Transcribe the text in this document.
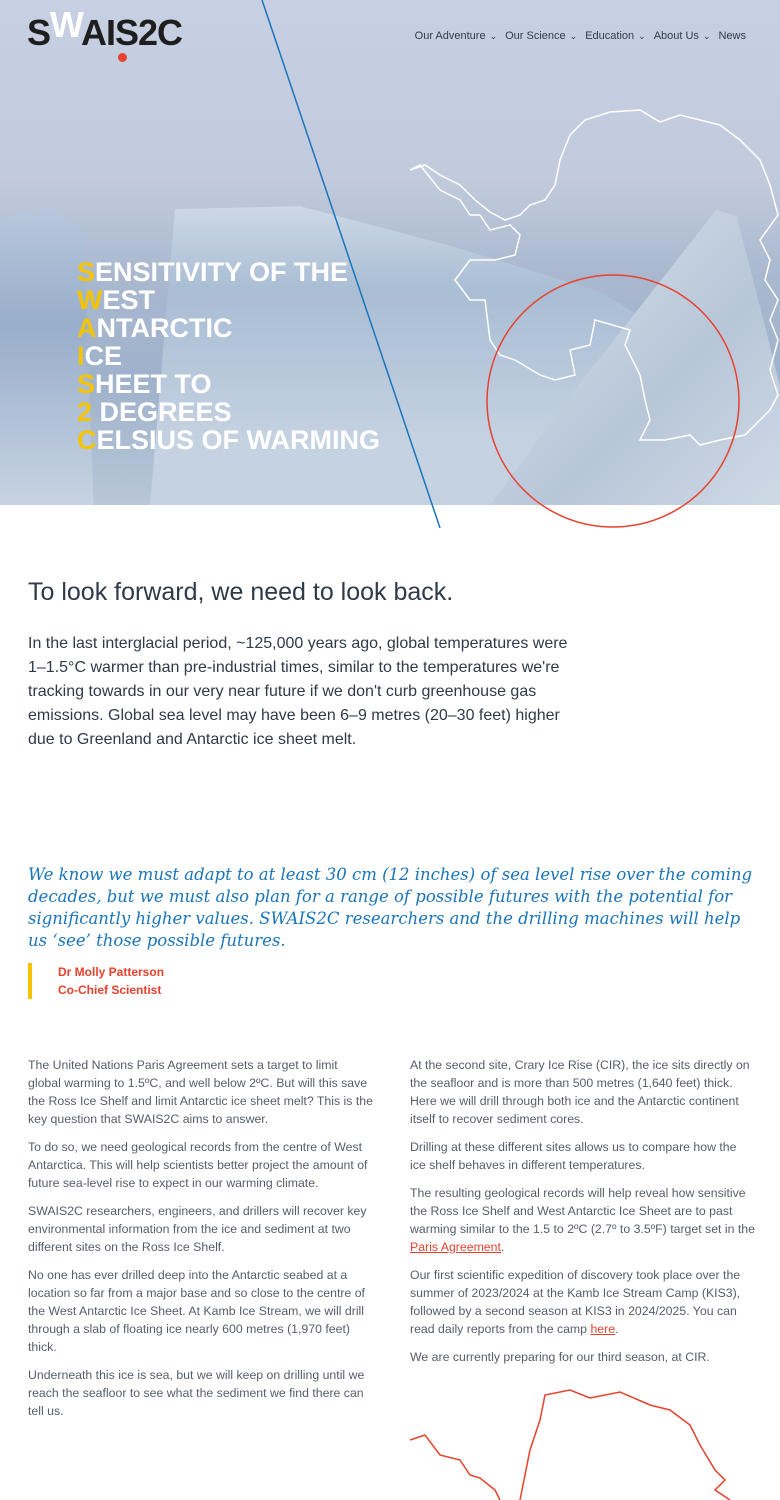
SWAIS2C	Our Adventure ⌄ Our Science ⌄ Education ⌄ About Us ⌄ News
SENSITIVITY OF THE
WEST
ANTARCTIC
ICE
SHEET TO
2 DEGREES
CELSIUS OF WARMING
To look forward, we need to look back.

In the last interglacial period, ~125,000 years ago, global temperatures were 1–1.5°C warmer than pre-industrial times, similar to the temperatures we're tracking towards in our very near future if we don't curb greenhouse gas emissions. Global sea level may have been 6–9 metres (20–30 feet) higher due to Greenland and Antarctic ice sheet melt.

We know we must adapt to at least 30 cm (12 inches) of sea level rise over the coming decades, but we must also plan for a range of possible futures with the potential for significantly higher values. SWAIS2C researchers and the drilling machines will help us ‘see’ those possible futures.
Dr Molly Patterson
Co-Chief Scientist

The United Nations Paris Agreement sets a target to limit global warming to 1.5ºC, and well below 2ºC. But will this save the Ross Ice Shelf and limit Antarctic ice sheet melt? This is the key question that SWAIS2C aims to answer.

To do so, we need geological records from the centre of West Antarctica. This will help scientists better project the amount of future sea-level rise to expect in our warming climate.

SWAIS2C researchers, engineers, and drillers will recover key environmental information from the ice and sediment at two different sites on the Ross Ice Shelf.

No one has ever drilled deep into the Antarctic seabed at a location so far from a major base and so close to the centre of the West Antarctic Ice Sheet. At Kamb Ice Stream, we will drill through a slab of floating ice nearly 600 metres (1,970 feet) thick.

Underneath this ice is sea, but we will keep on drilling until we reach the seafloor to see what the sediment we find there can tell us.

At the second site, Crary Ice Rise (CIR), the ice sits directly on the seafloor and is more than 500 metres (1,640 feet) thick. Here we will drill through both ice and the Antarctic continent itself to recover sediment cores.

Drilling at these different sites allows us to compare how the ice shelf behaves in different temperatures.

The resulting geological records will help reveal how sensitive the Ross Ice Shelf and West Antarctic Ice Sheet are to past warming similar to the 1.5 to 2ºC (2.7º to 3.5ºF) target set in the Paris Agreement.

Our first scientific expedition of discovery took place over the summer of 2023/2024 at the Kamb Ice Stream Camp (KIS3), followed by a second season at KIS3 in 2024/2025. You can read daily reports from the camp here.

We are currently preparing for our third season, at CIR.
